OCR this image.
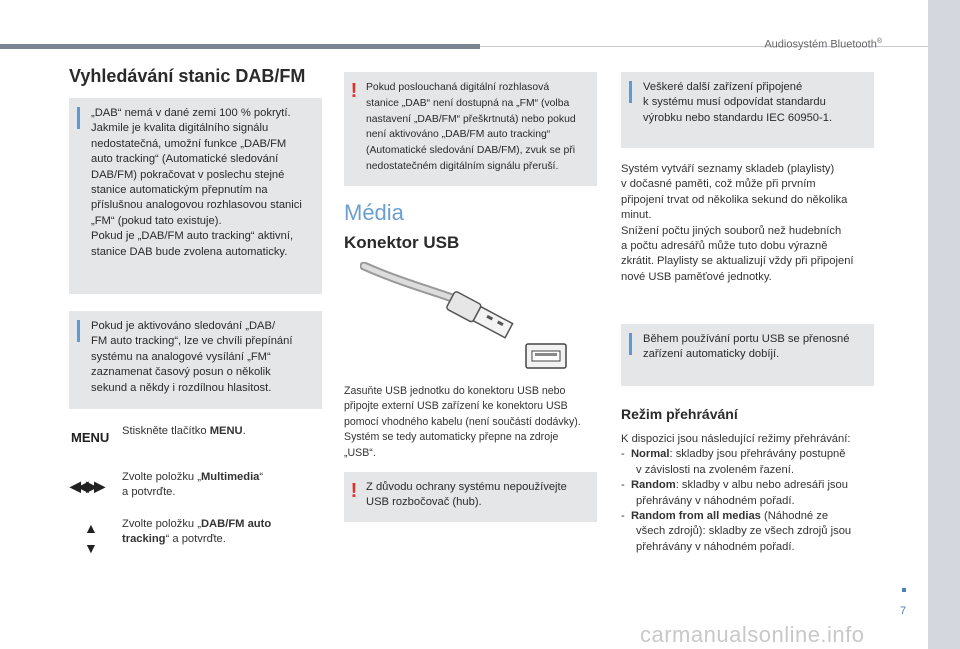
Audiosystém Bluetooth®
7
Vyhledávání stanic DAB/FM

„DAB“ nemá v dané zemi 100 % pokrytí.

Jakmile je kvalita digitálního signálu

nedostatečná, umožní funkce „DAB/FM

auto tracking“ (Automatické sledování

DAB/FM) pokračovat v poslechu stejné

stanice automatickým přepnutím na

příslušnou analogovou rozhlasovou stanici

„FM“ (pokud tato existuje).

Pokud je „DAB/FM auto tracking“ aktivní,

stanice DAB bude zvolena automaticky.

Pokud je aktivováno sledování „DAB/

FM auto tracking“, lze ve chvíli přepínání

systému na analogové vysílání „FM“

zaznamenat časový posun o několik

sekund a někdy i rozdílnou hlasitost.

MENU Stiskněte tlačítko MENU.
◀◀ ▶▶

Zvolte položku „Multimedia“

a potvrďte.

▲
▼

Zvolte položku „DAB/FM auto

tracking“ a potvrďte.

! Pokud poslouchaná digitální rozhlasová

stanice „DAB“ není dostupná na „FM“ (volba

nastavení „DAB/FM“ přeškrtnutá) nebo pokud

není aktivováno „DAB/FM auto tracking“

(Automatické sledování DAB/FM), zvuk se při

nedostatečném digitálním signálu přeruší.

Média
Konektor USB

Zasuňte USB jednotku do konektoru USB nebo

připojte externí USB zařízení ke konektoru USB

pomocí vhodného kabelu (není součástí dodávky).

Systém se tedy automaticky přepne na zdroje

„USB“.

! Z důvodu ochrany systému nepoužívejte

USB rozbočovač (hub).

Veškeré další zařízení připojené

k systému musí odpovídat standardu

výrobku nebo standardu IEC 60950-1.

Systém vytváří seznamy skladeb (playlisty)

v dočasné paměti, což může při prvním

připojení trvat od několika sekund do několika

minut.

Snížení počtu jiných souborů než hudebních

a počtu adresářů může tuto dobu výrazně

zkrátit. Playlisty se aktualizují vždy při připojení

nové USB paměťové jednotky.

Během používání portu USB se přenosné

zařízení automaticky dobíjí.

Režim přehrávání

K dispozici jsou následující režimy přehrávání:

-  Normal: skladby jsou přehrávány postupně

v závislosti na zvoleném řazení.

-  Random: skladby v albu nebo adresáři jsou

přehrávány v náhodném pořadí.

-  Random from all medias (Náhodné ze

všech zdrojů): skladby ze všech zdrojů jsou

přehrávány v náhodném pořadí.

carmanualsonline.info
